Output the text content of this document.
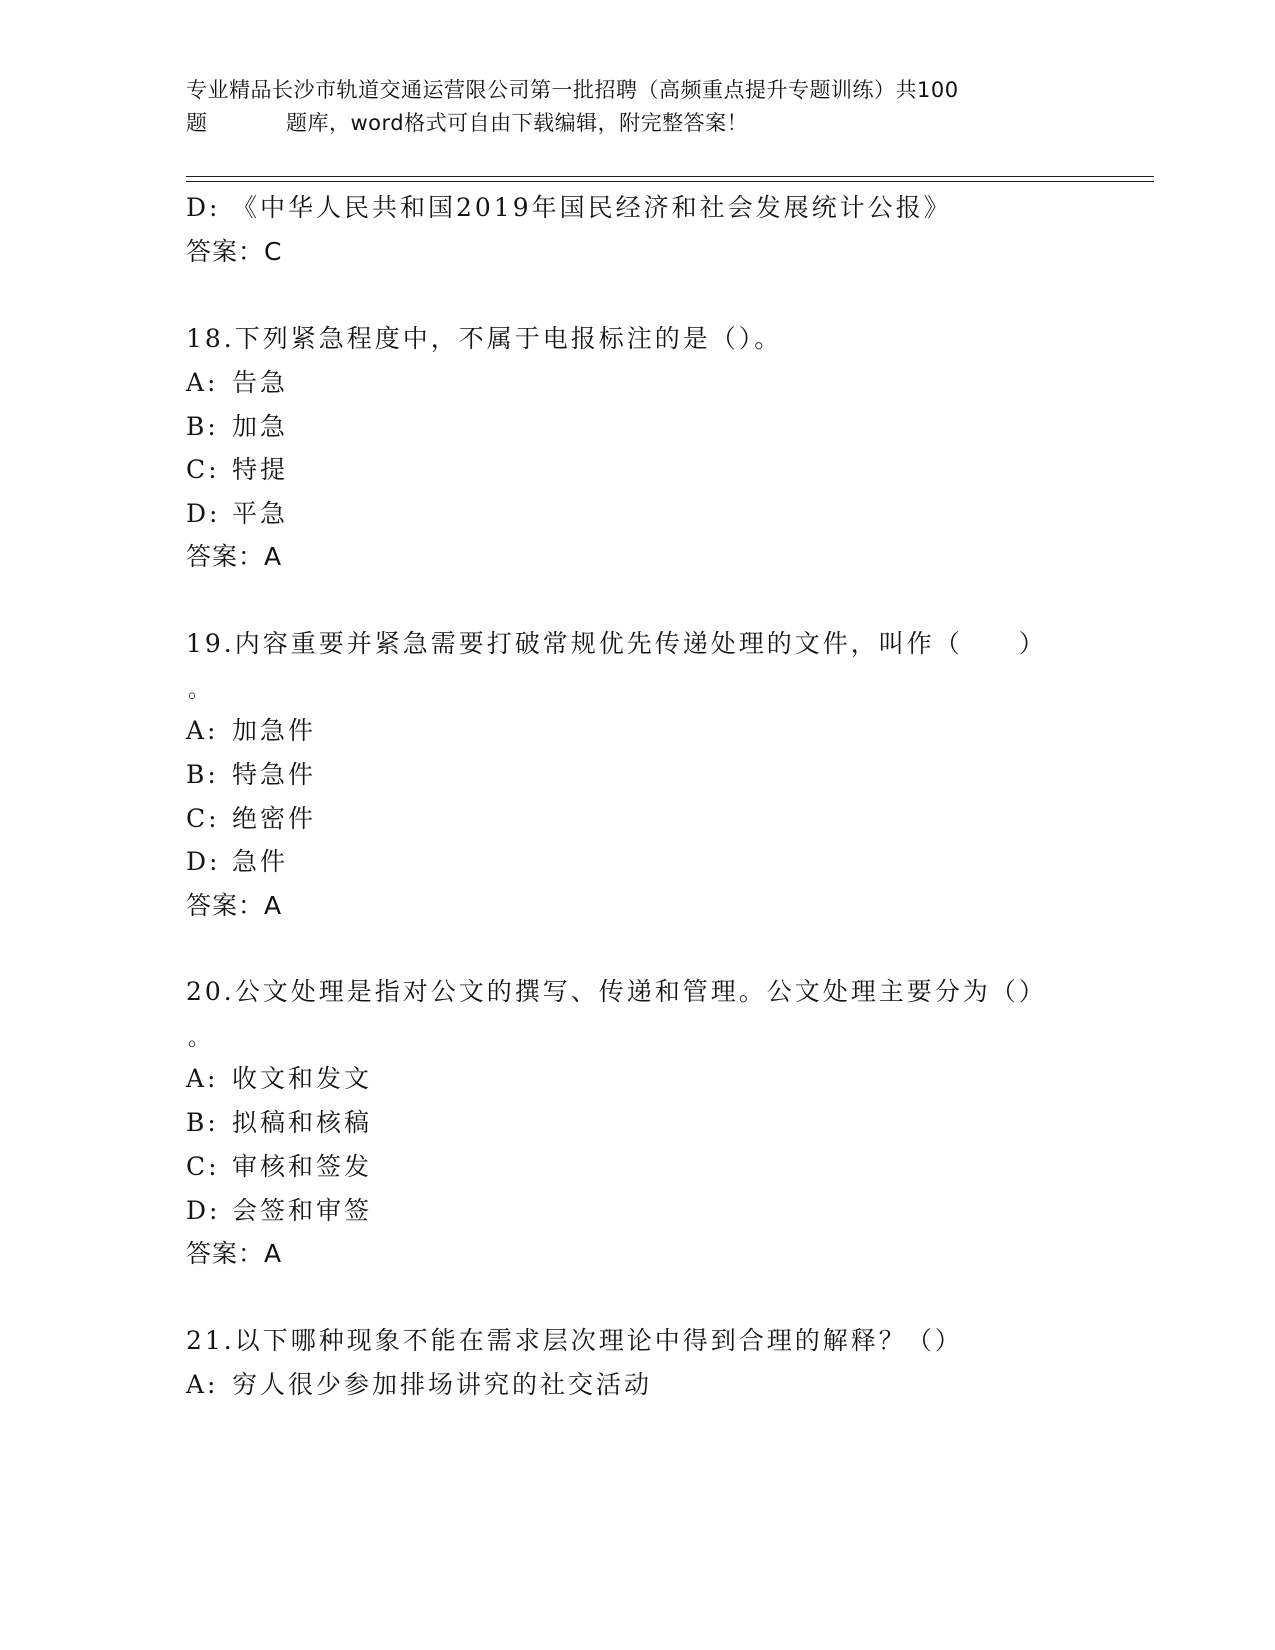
专业精品长沙市轨道交通运营限公司第一批招聘（高频重点提升专题训练）共100
题	题库，word格式可自由下载编辑，附完整答案！
D: 《中华人民共和国2019年国民经济和社会发展统计公报》
答案：C
18.下列紧急程度中，不属于电报标注的是（）。
A: 告急
B: 加急
C: 特提
D: 平急
答案：A
19.内容重要并紧急需要打破常规优先传递处理的文件，叫作（　　）
。
A: 加急件
B: 特急件
C: 绝密件
D: 急件
答案：A
20.公文处理是指对公文的撰写、传递和管理。公文处理主要分为（）
。
A: 收文和发文
B: 拟稿和核稿
C: 审核和签发
D: 会签和审签
答案：A
21.以下哪种现象不能在需求层次理论中得到合理的解释？（）
A: 穷人很少参加排场讲究的社交活动
